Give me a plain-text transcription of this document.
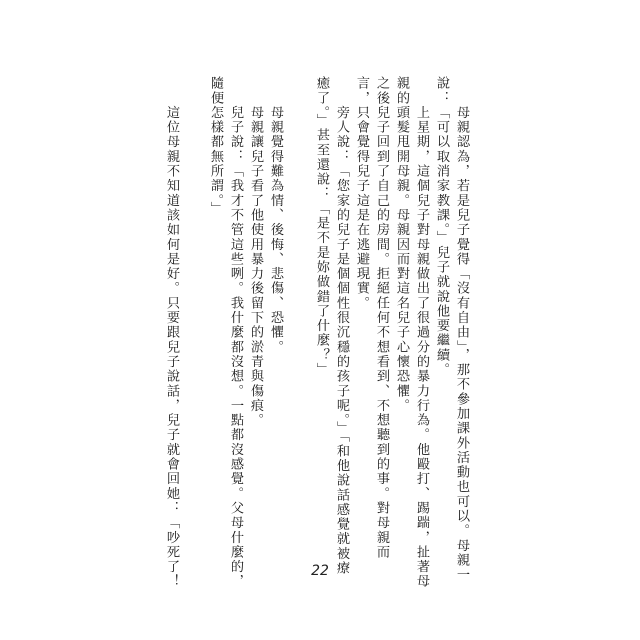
　　母親認為，若是兒子覺得「沒有自由」，那不參加課外活動也可以。母親一
說：「可以取消家教課。」兒子就說他要繼續。
　　上星期，這個兒子對母親做出了很過分的暴力行為。他毆打、踢踹，扯著母
親的頭髮甩開母親。母親因而對這名兒子心懷恐懼。
之後兒子回到了自己的房間。拒絕任何不想看到、不想聽到的事。對母親而
言，只會覺得兒子這是在逃避現實。
　　旁人說：「您家的兒子是個個性很沉穩的孩子呢。」「和他說話感覺就被療
癒了。」甚至還說：「是不是妳做錯了什麼？」
　　母親覺得難為情、後悔、悲傷、恐懼。
　　母親讓兒子看了他使用暴力後留下的淤青與傷痕。
　　兒子說：「我才不管這些咧。我什麼都沒想。一點都沒感覺。父母什麼的，
隨便怎樣都無所謂。」
　　這位母親不知道該如何是好。只要跟兒子說話，兒子就會回她：「吵死了！	22
